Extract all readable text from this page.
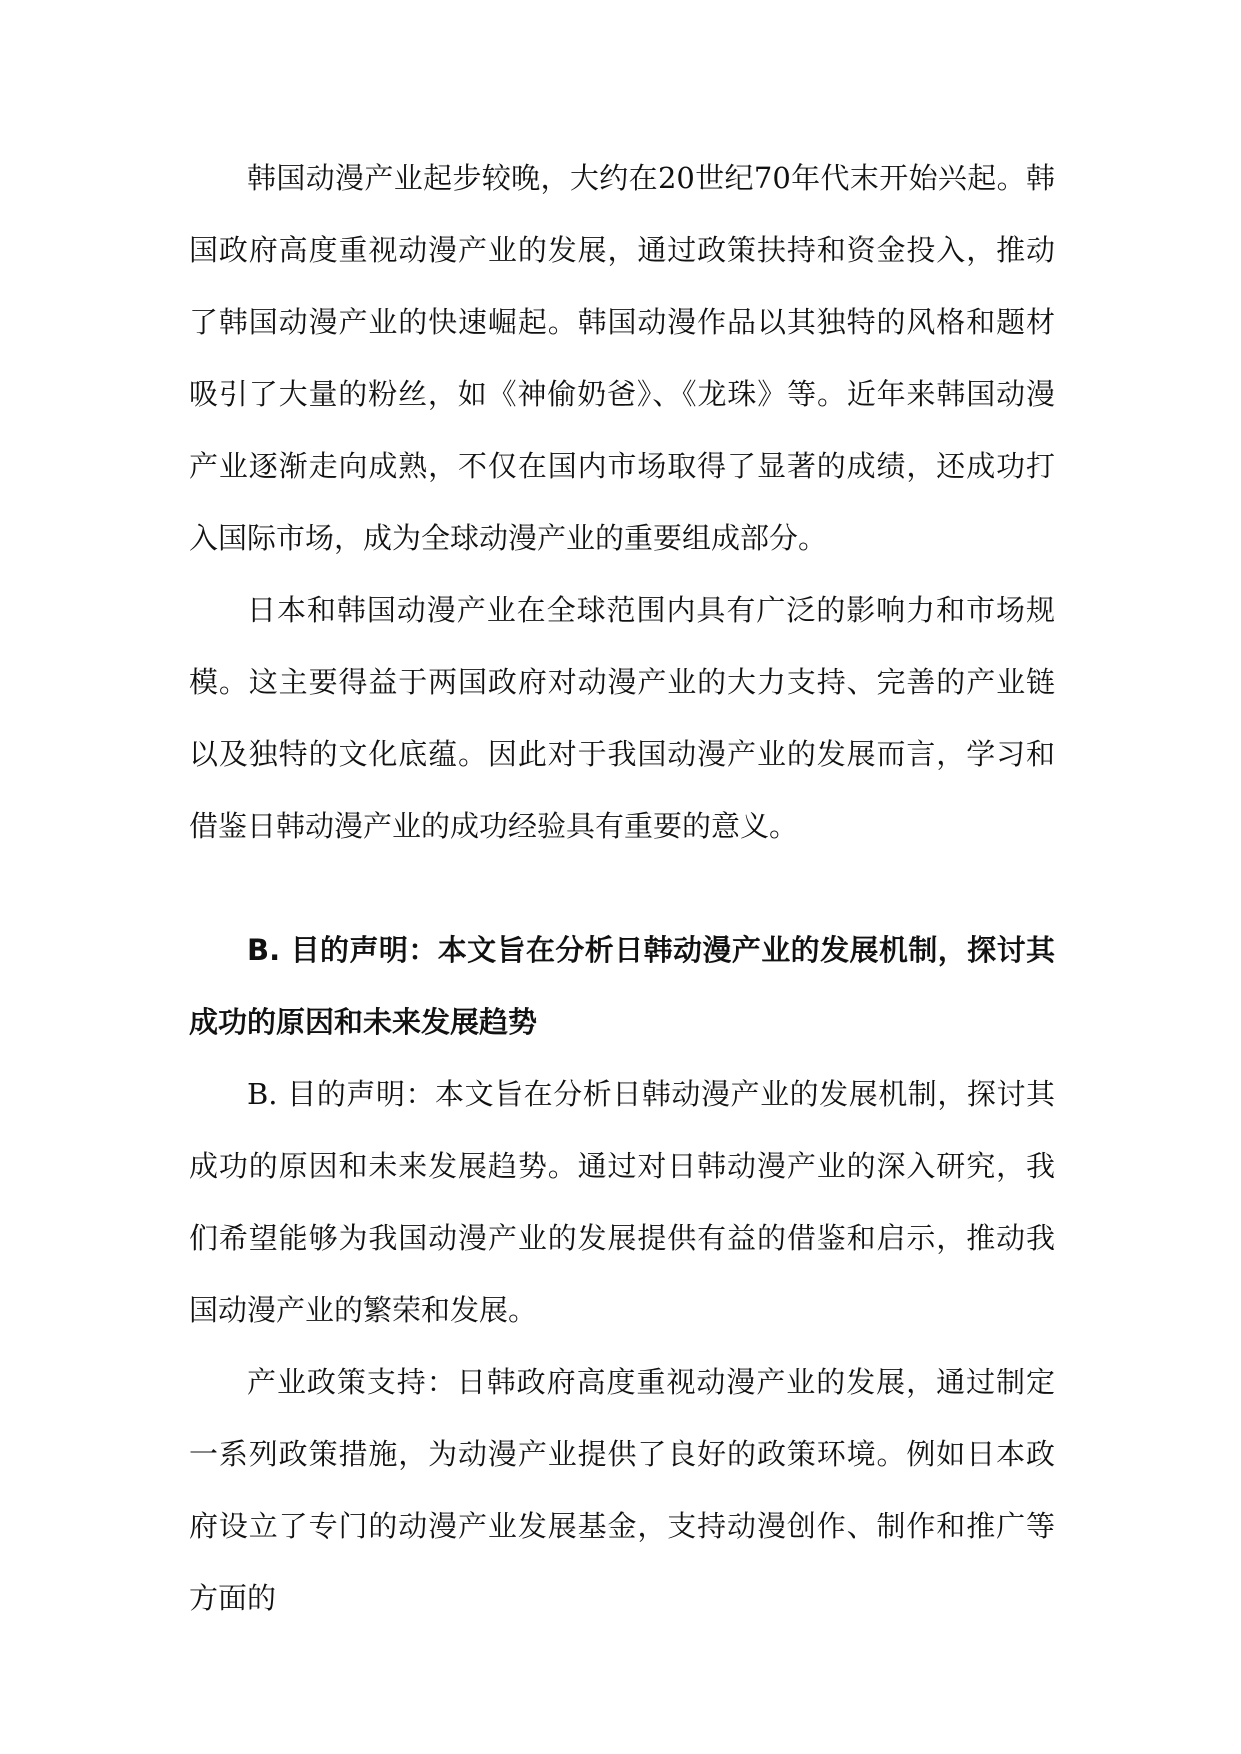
韩国动漫产业起步较晚，大约在20世纪70年代末开始兴起。韩国政府高度重视动漫产业的发展，通过政策扶持和资金投入，推动了韩国动漫产业的快速崛起。韩国动漫作品以其独特的风格和题材吸引了大量的粉丝，如《神偷奶爸》、《龙珠》等。近年来韩国动漫产业逐渐走向成熟，不仅在国内市场取得了显著的成绩，还成功打入国际市场，成为全球动漫产业的重要组成部分。

日本和韩国动漫产业在全球范围内具有广泛的影响力和市场规模。这主要得益于两国政府对动漫产业的大力支持、完善的产业链以及独特的文化底蕴。因此对于我国动漫产业的发展而言，学习和借鉴日韩动漫产业的成功经验具有重要的意义。

B. 目的声明：本文旨在分析日韩动漫产业的发展机制，探讨其成功的原因和未来发展趋势

B. 目的声明：本文旨在分析日韩动漫产业的发展机制，探讨其成功的原因和未来发展趋势。通过对日韩动漫产业的深入研究，我们希望能够为我国动漫产业的发展提供有益的借鉴和启示，推动我国动漫产业的繁荣和发展。

产业政策支持：日韩政府高度重视动漫产业的发展，通过制定一系列政策措施，为动漫产业提供了良好的政策环境。例如日本政府设立了专门的动漫产业发展基金，支持动漫创作、制作和推广等方面的
